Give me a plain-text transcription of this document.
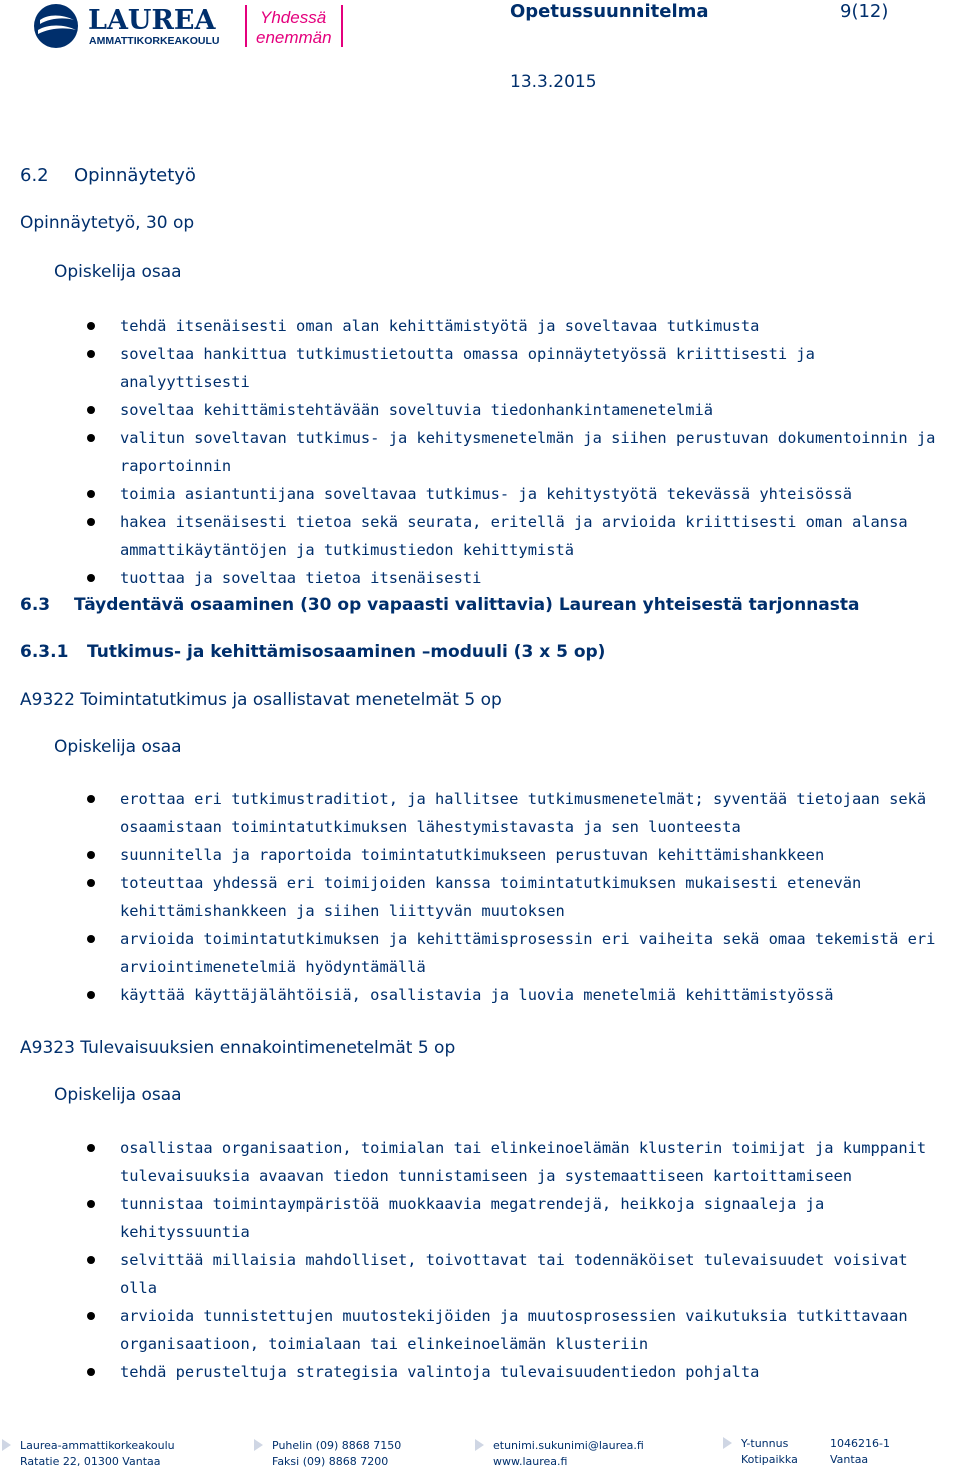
LAUREA
AMMATTIKORKEAKOULU
Yhdessä
enemmän
Opetussuunnitelma	9(12)
13.3.2015
6.2 Opinnäytetyö
Opinnäytetyö, 30 op
Opiskelija osaa
tehdä itsenäisesti oman alan kehittämistyötä ja soveltavaa tutkimusta
soveltaa hankittua tutkimustietoutta omassa opinnäytetyössä kriittisesti ja analyyttisesti
soveltaa kehittämistehtävään soveltuvia tiedonhankintamenetelmiä
valitun soveltavan tutkimus- ja kehitysmenetelmän ja siihen perustuvan dokumentoinnin ja raportoinnin
toimia asiantuntijana soveltavaa tutkimus- ja kehitystyötä tekevässä yhteisössä
hakea itsenäisesti tietoa sekä seurata, eritellä ja arvioida kriittisesti oman alansa ammattikäytäntöjen ja tutkimustiedon kehittymistä
tuottaa ja soveltaa tietoa itsenäisesti
6.3 Täydentävä osaaminen (30 op vapaasti valittavia) Laurean yhteisestä tarjonnasta
6.3.1 Tutkimus- ja kehittämisosaaminen –moduuli (3 x 5 op)
A9322 Toimintatutkimus ja osallistavat menetelmät 5 op
Opiskelija osaa
erottaa eri tutkimustraditiot, ja hallitsee tutkimusmenetelmät; syventää tietojaan sekä osaamistaan toimintatutkimuksen lähestymistavasta ja sen luonteesta
suunnitella ja raportoida toimintatutkimukseen perustuvan kehittämishankkeen
toteuttaa yhdessä eri toimijoiden kanssa toimintatutkimuksen mukaisesti etenevän kehittämishankkeen ja siihen liittyvän muutoksen
arvioida toimintatutkimuksen ja kehittämisprosessin eri vaiheita sekä omaa tekemistä eri arviointimenetelmiä hyödyntämällä
käyttää käyttäjälähtöisiä, osallistavia ja luovia menetelmiä kehittämistyössä
A9323 Tulevaisuuksien ennakointimenetelmät 5 op
Opiskelija osaa
osallistaa organisaation, toimialan tai elinkeinoelämän klusterin toimijat ja kumppanit tulevaisuuksia avaavan tiedon tunnistamiseen ja systemaattiseen kartoittamiseen
tunnistaa toimintaympäristöä muokkaavia megatrendejä, heikkoja signaaleja ja kehityssuuntia
selvittää millaisia mahdolliset, toivottavat tai todennäköiset tulevaisuudet voisivat olla
arvioida tunnistettujen muutostekijöiden ja muutosprosessien vaikutuksia tutkittavaan organisaatioon, toimialaan tai elinkeinoelämän klusteriin
tehdä perusteltuja strategisia valintoja tulevaisuudentiedon pohjalta
Laurea-ammattikorkeakoulu
Ratatie 22, 01300 Vantaa
Puhelin (09) 8868 7150
Faksi (09) 8868 7200
etunimi.sukunimi@laurea.fi
www.laurea.fi
Y-tunnus
Kotipaikka
1046216-1
Vantaa
